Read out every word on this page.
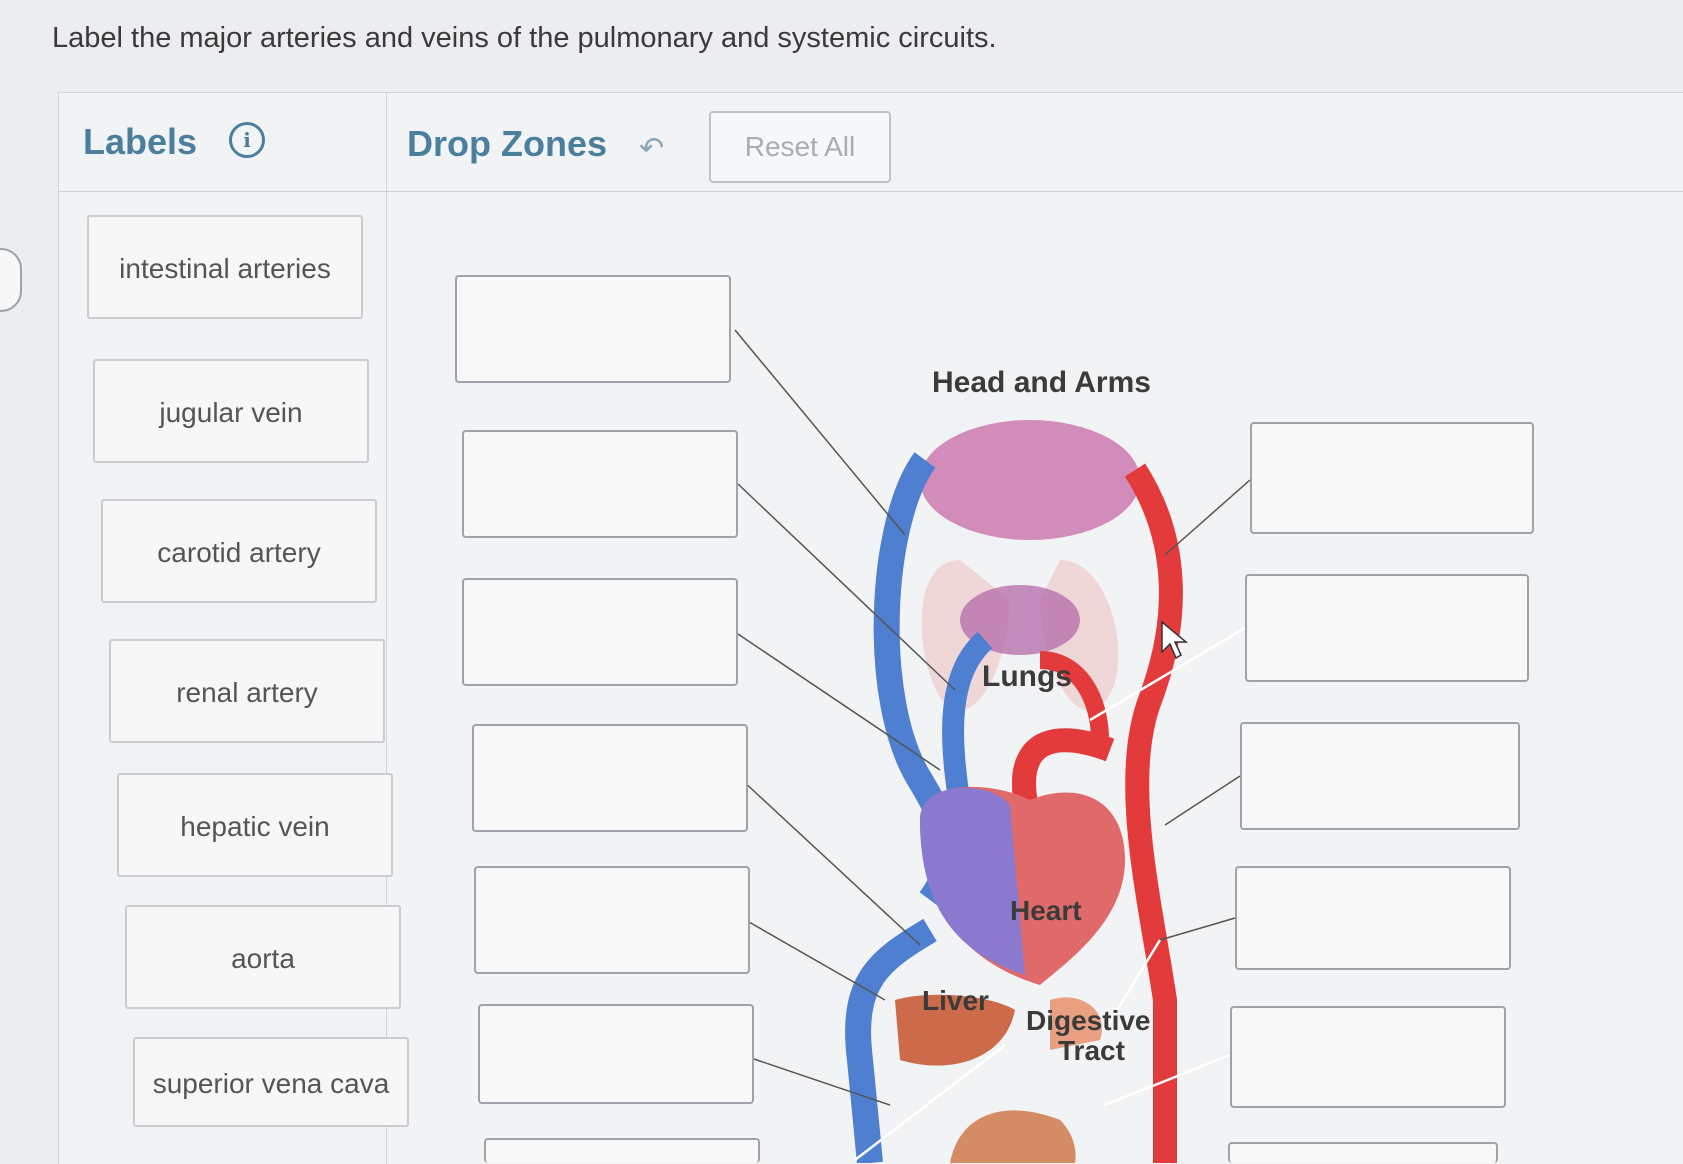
Label the major arteries and veins of the pulmonary and systemic circuits.
Labels	i	Drop Zones ↶	Reset All
intestinal arteries
jugular vein
carotid artery
renal artery
hepatic vein
aorta
superior vena cava
Head and Arms
Lungs
Heart
Liver
Digestive
Tract
